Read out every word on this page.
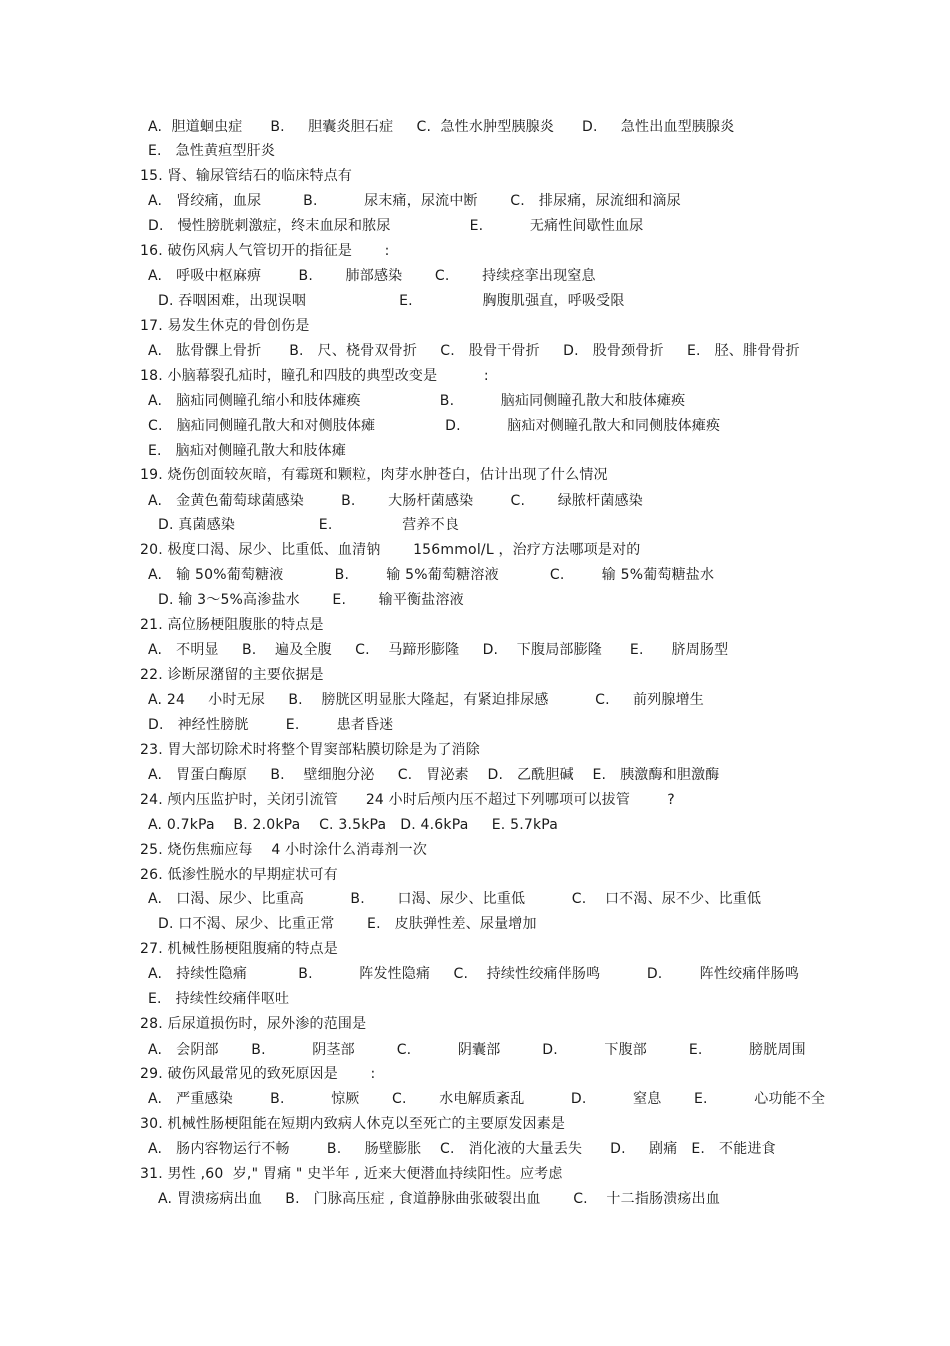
A.  胆道蛔虫症      B.     胆囊炎胆石症     C.  急性水肿型胰腺炎      D.     急性出血型胰腺炎
E.   急性黄疸型肝炎
15. 肾、输尿管结石的临床特点有
A.   肾绞痛，血尿         B.          尿末痛，尿流中断       C.   排尿痛，尿流细和滴尿
D.   慢性膀胱刺激症，终末血尿和脓尿                 E.          无痛性间歇性血尿
16. 破伤风病人气管切开的指征是       :
A.   呼吸中枢麻痹        B.       肺部感染       C.       持续痉挛出现窒息
D. 吞咽困难，出现误咽                    E.               胸腹肌强直，呼吸受限
17. 易发生休克的骨创伤是
A.   肱骨髁上骨折      B.   尺、桡骨双骨折     C.   股骨干骨折     D.   股骨颈骨折     E.   胫、腓骨骨折
18. 小脑幕裂孔疝时，瞳孔和四肢的典型改变是          :
A.   脑疝同侧瞳孔缩小和肢体瘫痪                 B.          脑疝同侧瞳孔散大和肢体瘫痪
C.   脑疝同侧瞳孔散大和对侧肢体瘫               D.          脑疝对侧瞳孔散大和同侧肢体瘫痪
E.   脑疝对侧瞳孔散大和肢体瘫
19. 烧伤创面较灰暗，有霉斑和颗粒，肉芽水肿苍白，估计出现了什么情况
A.   金黄色葡萄球菌感染        B.       大肠杆菌感染        C.       绿脓杆菌感染
D. 真菌感染                  E.               营养不良
20. 极度口渴、尿少、比重低、血清钠       156mmol/L ，治疗方法哪项是对的
A.   输 50%葡萄糖液           B.        输 5%葡萄糖溶液           C.        输 5%葡萄糖盐水
D. 输 3～5%高渗盐水       E.       输平衡盐溶液
21. 高位肠梗阻腹胀的特点是
A.   不明显     B.    遍及全腹     C.    马蹄形膨隆     D.    下腹局部膨隆      E.      脐周肠型
22. 诊断尿潴留的主要依据是
A. 24     小时无尿     B.    膀胱区明显胀大隆起，有紧迫排尿感          C.     前列腺增生
D.   神经性膀胱        E.        患者昏迷
23. 胃大部切除术时将整个胃窦部粘膜切除是为了消除
A.   胃蛋白酶原     B.    壁细胞分泌     C.   胃泌素    D.   乙酰胆碱    E.   胰激酶和胆激酶
24. 颅内压监护时，关闭引流管      24 小时后颅内压不超过下列哪项可以拔管        ?
A. 0.7kPa    B. 2.0kPa    C. 3.5kPa   D. 4.6kPa     E. 5.7kPa
25. 烧伤焦痂应每    4 小时涂什么消毒剂一次
26. 低渗性脱水的早期症状可有
A.   口渴、尿少、比重高          B.       口渴、尿少、比重低          C.    口不渴、尿不少、比重低
D. 口不渴、尿少、比重正常       E.   皮肤弹性差、尿量增加
27. 机械性肠梗阻腹痛的特点是
A.   持续性隐痛           B.          阵发性隐痛     C.    持续性绞痛伴肠鸣          D.        阵性绞痛伴肠鸣
E.   持续性绞痛伴呕吐
28. 后尿道损伤时，尿外渗的范围是
A.   会阴部       B.          阴茎部         C.          阴囊部         D.          下腹部         E.          膀胱周围
29. 破伤风最常见的致死原因是       :
A.   严重感染        B.          惊厥       C.       水电解质紊乱          D.          窒息       E.          心功能不全
30. 机械性肠梗阻能在短期内致病人休克以至死亡的主要原发因素是
A.   肠内容物运行不畅        B.     肠壁膨胀    C.   消化液的大量丢失      D.     剧痛   E.   不能进食
31. 男性 ,60  岁," 胃痛 " 史半年 , 近来大便潜血持续阳性。应考虑
A. 胃溃疡病出血     B.   门脉高压症 , 食道静脉曲张破裂出血       C.    十二指肠溃疡出血
